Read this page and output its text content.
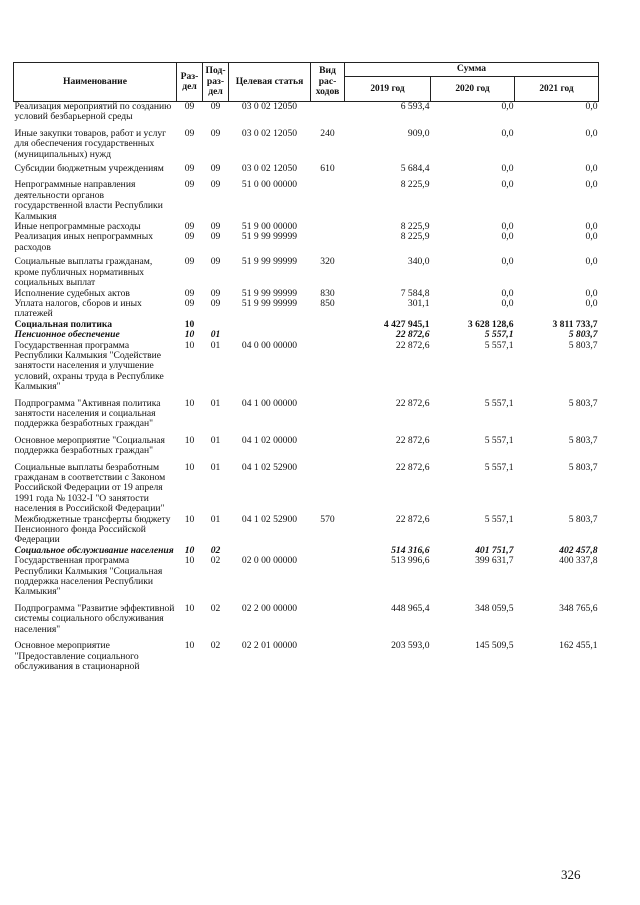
Наименование	Раз-дел	Под-раз-дел	Целевая статья	Вид рас-ходов	Сумма		
					2019 год	2020 год	2021 год
Реализация мероприятий по созданию условий безбарьерной среды	09	09	03 0 02 12050		6 593,4	0,0	0,0

Иные закупки товаров, работ и услуг для обеспечения государственных (муниципальных) нужд	09	09	03 0 02 12050	240	909,0	0,0	0,0

Субсидии бюджетным учреждениям	09	09	03 0 02 12050	610	5 684,4	0,0	0,0

Непрограммные направления деятельности органов государственной власти Республики Калмыкия	09	09	51 0 00 00000		8 225,9	0,0	0,0
Иные непрограммные расходы	09	09	51 9 00 00000		8 225,9	0,0	0,0
Реализация иных непрограммных расходов	09	09	51 9 99 99999		8 225,9	0,0	0,0

Социальные выплаты гражданам, кроме публичных нормативных социальных выплат	09	09	51 9 99 99999	320	340,0	0,0	0,0
Исполнение судебных актов	09	09	51 9 99 99999	830	7 584,8	0,0	0,0
Уплата налогов, сборов и иных платежей	09	09	51 9 99 99999	850	301,1	0,0	0,0
Социальная политика	10				4 427 945,1	3 628 128,6	3 811 733,7
Пенсионное обеспечение	10	01			22 872,6	5 557,1	5 803,7
Государственная программа Республики Калмыкия "Содействие занятости населения и улучшение условий, охраны труда в Республике Калмыкия"	10	01	04 0 00 00000		22 872,6	5 557,1	5 803,7

Подпрограмма "Активная политика занятости населения и социальная поддержка безработных граждан"	10	01	04 1 00 00000		22 872,6	5 557,1	5 803,7

Основное мероприятие "Социальная поддержка безработных граждан"	10	01	04 1 02 00000		22 872,6	5 557,1	5 803,7

Социальные выплаты безработным гражданам в соответствии с Законом Российской Федерации от 19 апреля 1991 года № 1032-I "О занятости населения в Российской Федерации"	10	01	04 1 02 52900		22 872,6	5 557,1	5 803,7
Межбюджетные трансферты бюджету Пенсионного фонда Российской Федерации	10	01	04 1 02 52900	570	22 872,6	5 557,1	5 803,7
Социальное обслуживание населения	10	02			514 316,6	401 751,7	402 457,8
Государственная программа Республики Калмыкия "Социальная поддержка населения Республики Калмыкия"	10	02	02 0 00 00000		513 996,6	399 631,7	400 337,8

Подпрограмма "Развитие эффективной системы социального обслуживания населения"	10	02	02 2 00 00000		448 965,4	348 059,5	348 765,6

Основное мероприятие "Предоставление социального обслуживания в стационарной	10	02	02 2 01 00000		203 593,0	145 509,5	162 455,1
326
